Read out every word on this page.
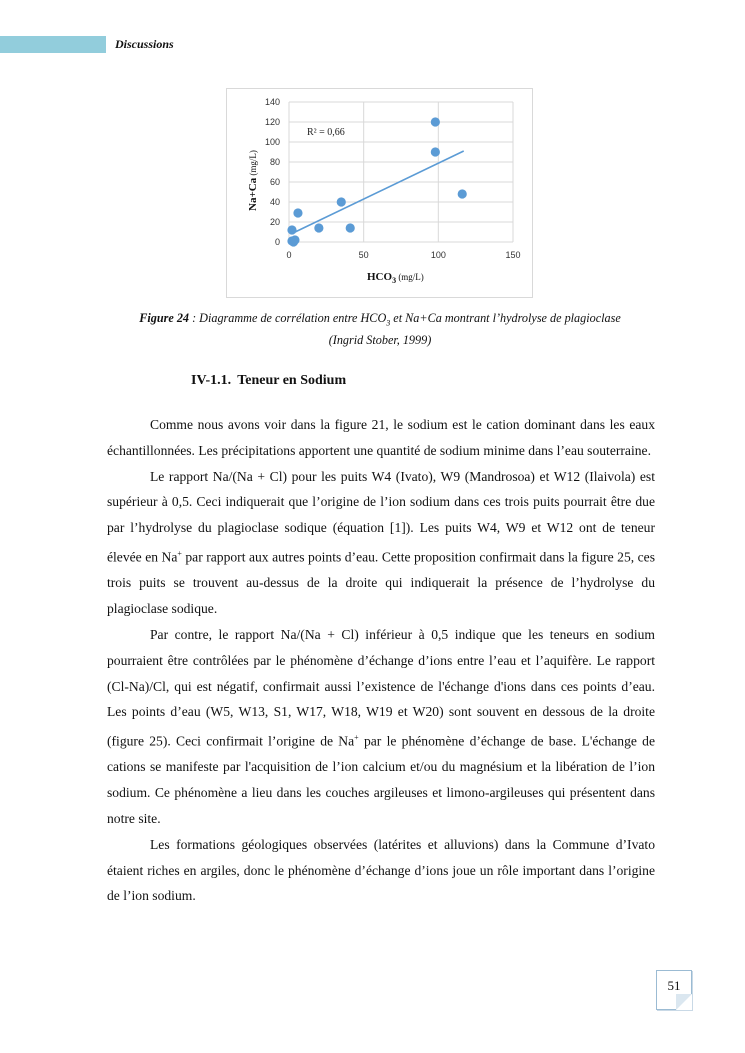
Discussions
0
20
40
60
80
100
120
140
0	50	100	150
R² = 0,66
Na+Ca (mg/L)
$HCO_3$ $^{(mg/L)}$
Figure 24 : Diagramme de corrélation entre $HCO_3$ et Na+Ca montrant l’hydrolyse de plagioclase
(Ingrid Stober, 1999)
IV-1.1. Teneur en Sodium

Comme nous avons voir dans la figure 21, le sodium est le cation dominant dans les eaux échantillonnées. Les précipitations apportent une quantité de sodium minime dans l’eau souterraine.

Le rapport Na/(Na + Cl) pour les puits W4 (Ivato), W9 (Mandrosoa) et W12 (Ilaivola) est supérieur à 0,5. Ceci indiquerait que l’origine de l’ion sodium dans ces trois puits pourrait être due par l’hydrolyse du plagioclase sodique (équation [1]). Les puits W4, W9 et W12 ont de teneur élevée en Na+ par rapport aux autres points d’eau. Cette proposition confirmait dans la figure 25, ces trois puits se trouvent au-dessus de la droite qui indiquerait la présence de l’hydrolyse du plagioclase sodique.

Par contre, le rapport Na/(Na + Cl) inférieur à 0,5 indique que les teneurs en sodium pourraient être contrôlées par le phénomène d’échange d’ions entre l’eau et l’aquifère. Le rapport (Cl-Na)/Cl, qui est négatif, confirmait aussi l’existence de l'échange d'ions dans ces points d’eau. Les points d’eau (W5, W13, S1, W17, W18, W19 et W20) sont souvent en dessous de la droite (figure 25). Ceci confirmait l’origine de Na+ par le phénomène d’échange de base. L'échange de cations se manifeste par l'acquisition de l’ion calcium et/ou du magnésium et la libération de l’ion sodium. Ce phénomène a lieu dans les couches argileuses et limono-argileuses qui présentent dans notre site.

Les formations géologiques observées (latérites et alluvions) dans la Commune d’Ivato étaient riches en argiles, donc le phénomène d’échange d’ions joue un rôle important dans l’origine de l’ion sodium.

51
